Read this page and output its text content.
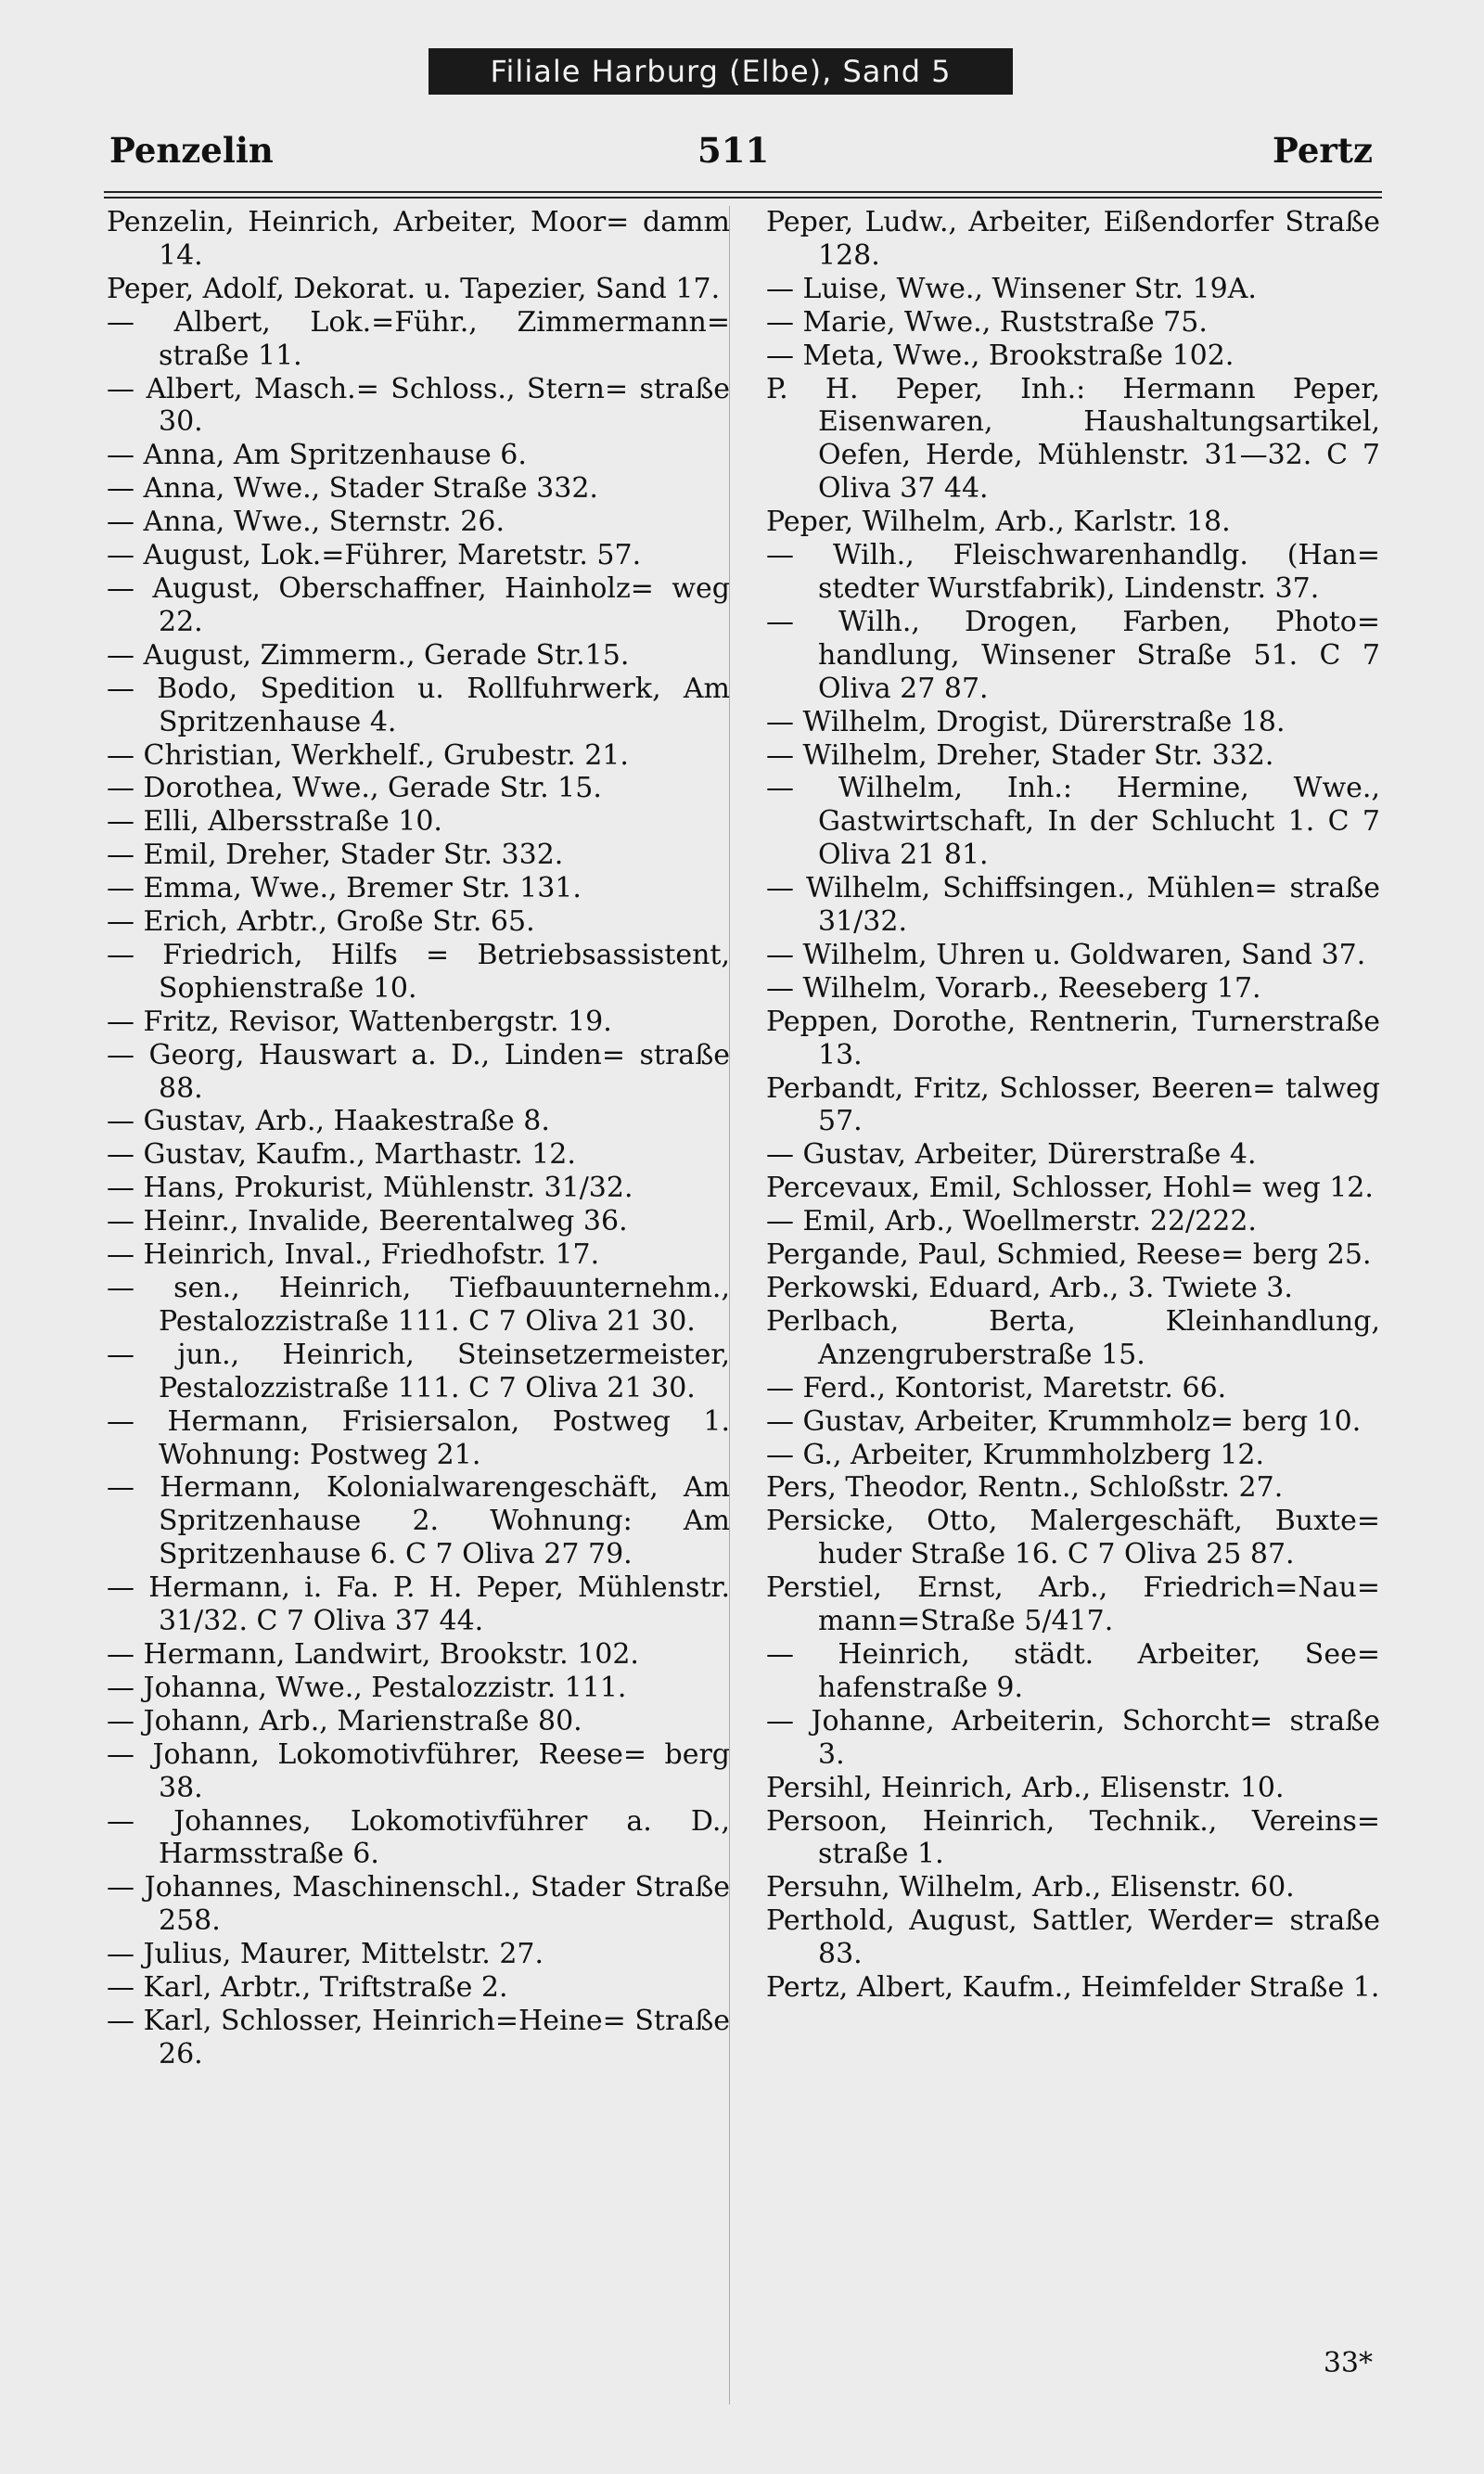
Filiale Harburg (Elbe), Sand 5
Penzelin	511	Pertz
Penzelin, Heinrich, Arbeiter, Moor= damm 14.
Peper, Adolf, Dekorat. u. Tapezier, Sand 17.
— Albert, Lok.=Führ., Zimmermann= straße 11.
— Albert, Masch.= Schloss., Stern= straße 30.
— Anna, Am Spritzenhause 6.
— Anna, Wwe., Stader Straße 332.
— Anna, Wwe., Sternstr. 26.
— August, Lok.=Führer, Maretstr. 57.
— August, Oberschaffner, Hainholz= weg 22.
— August, Zimmerm., Gerade Str.15.
— Bodo, Spedition u. Rollfuhrwerk, Am Spritzenhause 4.
— Christian, Werkhelf., Grubestr. 21.
— Dorothea, Wwe., Gerade Str. 15.
— Elli, Albersstraße 10.
— Emil, Dreher, Stader Str. 332.
— Emma, Wwe., Bremer Str. 131.
— Erich, Arbtr., Große Str. 65.
— Friedrich, Hilfs = Betriebsassistent, Sophienstraße 10.
— Fritz, Revisor, Wattenbergstr. 19.
— Georg, Hauswart a. D., Linden= straße 88.
— Gustav, Arb., Haakestraße 8.
— Gustav, Kaufm., Marthastr. 12.
— Hans, Prokurist, Mühlenstr. 31/32.
— Heinr., Invalide, Beerentalweg 36.
— Heinrich, Inval., Friedhofstr. 17.
— sen., Heinrich, Tiefbauunternehm., Pestalozzistraße 111. C 7 Oliva 21 30.
— jun., Heinrich, Steinsetzermeister, Pestalozzistraße 111. C 7 Oliva 21 30.
— Hermann, Frisiersalon, Postweg 1. Wohnung: Postweg 21.
— Hermann, Kolonialwarengeschäft, Am Spritzenhause 2. Wohnung: Am Spritzenhause 6. C 7 Oliva 27 79.
— Hermann, i. Fa. P. H. Peper, Mühlenstr. 31/32. C 7 Oliva 37 44.
— Hermann, Landwirt, Brookstr. 102.
— Johanna, Wwe., Pestalozzistr. 111.
— Johann, Arb., Marienstraße 80.
— Johann, Lokomotivführer, Reese= berg 38.
— Johannes, Lokomotivführer a. D., Harmsstraße 6.
— Johannes, Maschinenschl., Stader Straße 258.
— Julius, Maurer, Mittelstr. 27.
— Karl, Arbtr., Triftstraße 2.
— Karl, Schlosser, Heinrich=Heine= Straße 26.
Peper, Ludw., Arbeiter, Eißendorfer Straße 128.
— Luise, Wwe., Winsener Str. 19A.
— Marie, Wwe., Ruststraße 75.
— Meta, Wwe., Brookstraße 102.
P. H. Peper, Inh.: Hermann Peper, Eisenwaren, Haushaltungsartikel, Oefen, Herde, Mühlenstr. 31—32. C 7 Oliva 37 44.
Peper, Wilhelm, Arb., Karlstr. 18.
— Wilh., Fleischwarenhandlg. (Han= stedter Wurstfabrik), Lindenstr. 37.
— Wilh., Drogen, Farben, Photo= handlung, Winsener Straße 51. C 7 Oliva 27 87.
— Wilhelm, Drogist, Dürerstraße 18.
— Wilhelm, Dreher, Stader Str. 332.
— Wilhelm, Inh.: Hermine, Wwe., Gastwirtschaft, In der Schlucht 1. C 7 Oliva 21 81.
— Wilhelm, Schiffsingen., Mühlen= straße 31/32.
— Wilhelm, Uhren u. Goldwaren, Sand 37.
— Wilhelm, Vorarb., Reeseberg 17.
Peppen, Dorothe, Rentnerin, Turnerstraße 13.
Perbandt, Fritz, Schlosser, Beeren= talweg 57.
— Gustav, Arbeiter, Dürerstraße 4.
Percevaux, Emil, Schlosser, Hohl= weg 12.
— Emil, Arb., Woellmerstr. 22/222.
Pergande, Paul, Schmied, Reese= berg 25.
Perkowski, Eduard, Arb., 3. Twiete 3.
Perlbach, Berta, Kleinhandlung, Anzengruberstraße 15.
— Ferd., Kontorist, Maretstr. 66.
— Gustav, Arbeiter, Krummholz= berg 10.
— G., Arbeiter, Krummholzberg 12.
Pers, Theodor, Rentn., Schloßstr. 27.
Persicke, Otto, Malergeschäft, Buxte= huder Straße 16. C 7 Oliva 25 87.
Perstiel, Ernst, Arb., Friedrich=Nau= mann=Straße 5/417.
— Heinrich, städt. Arbeiter, See= hafenstraße 9.
— Johanne, Arbeiterin, Schorcht= straße 3.
Persihl, Heinrich, Arb., Elisenstr. 10.
Persoon, Heinrich, Technik., Vereins= straße 1.
Persuhn, Wilhelm, Arb., Elisenstr. 60.
Perthold, August, Sattler, Werder= straße 83.
Pertz, Albert, Kaufm., Heimfelder Straße 1.
33*
